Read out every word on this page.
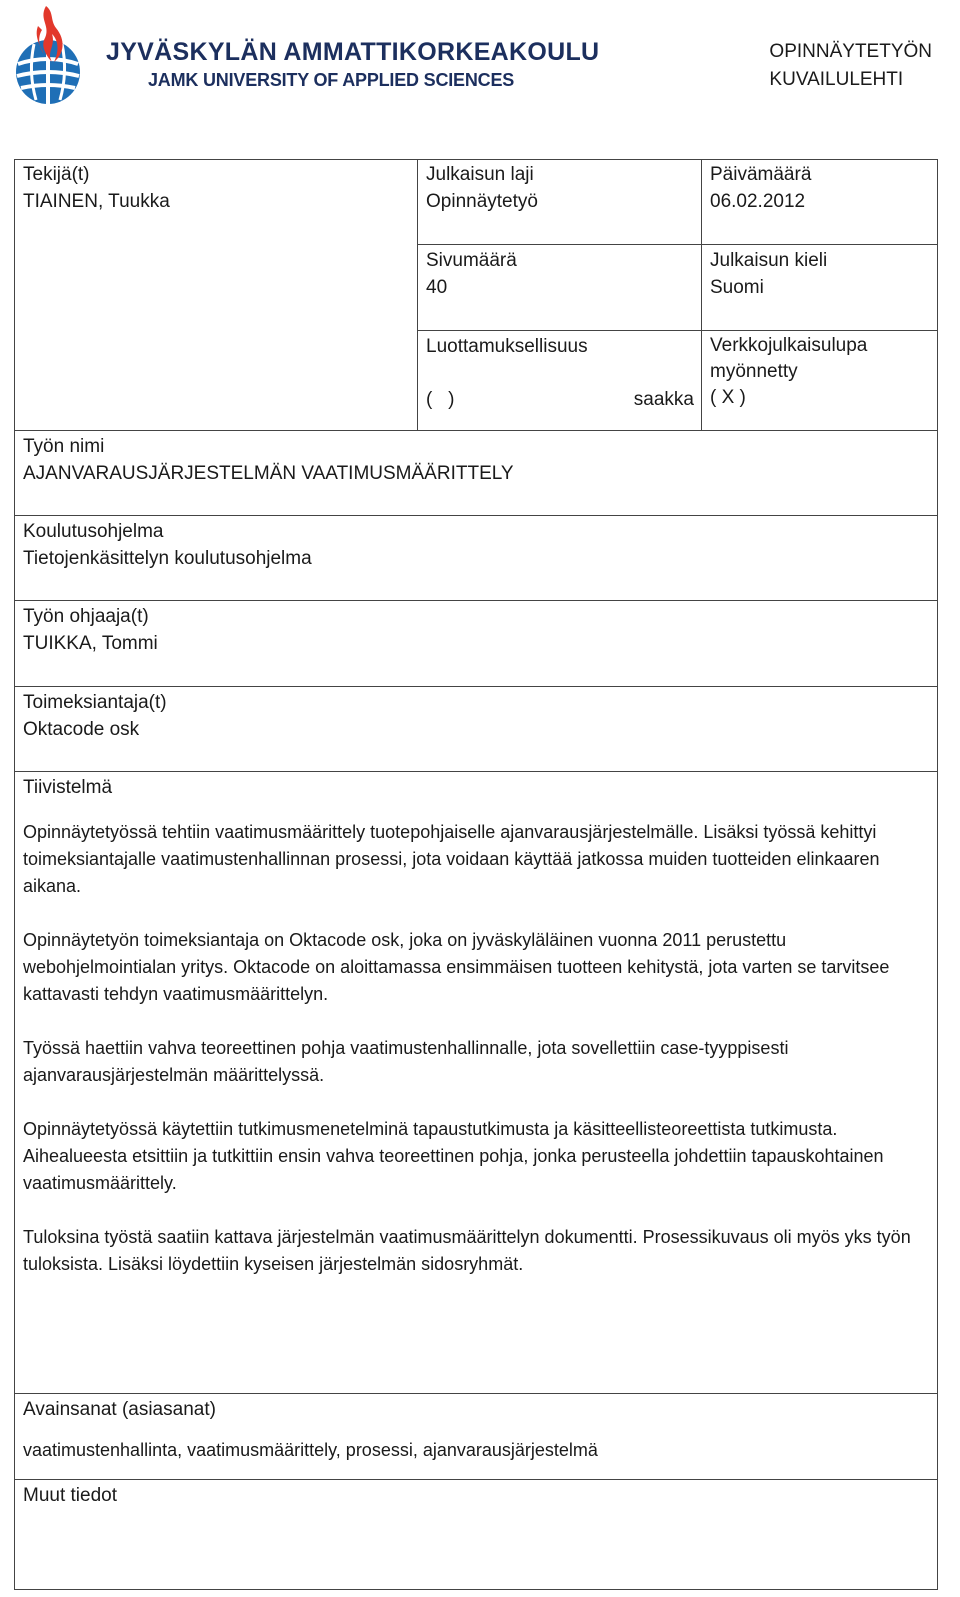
JYVÄSKYLÄN AMMATTIKORKEAKOULU
JAMK UNIVERSITY OF APPLIED SCIENCES
OPINNÄYTETYÖN
KUVAILULEHTI
Tekijä(t)
TIAINEN, Tuukka
Julkaisun laji
Opinnäytetyö
Päivämäärä
06.02.2012
Sivumäärä
40
Julkaisun kieli
Suomi
Luottamuksellisuus
(   )	saakka
Verkkojulkaisulupa myönnetty
( X )
Työn nimi
AJANVARAUSJÄRJESTELMÄN VAATIMUSMÄÄRITTELY
Koulutusohjelma
Tietojenkäsittelyn koulutusohjelma
Työn ohjaaja(t)
TUIKKA, Tommi
Toimeksiantaja(t)
Oktacode osk
Tiivistelmä

Opinnäytetyössä tehtiin vaatimusmäärittely tuotepohjaiselle ajanvarausjärjestelmälle. Lisäksi työssä kehittyi toimeksiantajalle vaatimustenhallinnan prosessi, jota voidaan käyttää jatkossa muiden tuotteiden elinkaaren aikana.

Opinnäytetyön toimeksiantaja on Oktacode osk, joka on jyväskyläläinen vuonna 2011 perustettu webohjelmointialan yritys. Oktacode on aloittamassa ensimmäisen tuotteen kehitystä, jota varten se tarvitsee kattavasti tehdyn vaatimusmäärittelyn.

Työssä haettiin vahva teoreettinen pohja vaatimustenhallinnalle, jota sovellettiin case-tyyppisesti ajanvarausjärjestelmän määrittelyssä.

Opinnäytetyössä käytettiin tutkimusmenetelminä tapaustutkimusta ja käsitteellisteoreettista tutkimusta. Aihealueesta etsittiin ja tutkittiin ensin vahva teoreettinen pohja, jonka perusteella johdettiin tapauskohtainen vaatimusmäärittely.

Tuloksina työstä saatiin kattava järjestelmän vaatimusmäärittelyn dokumentti. Prosessikuvaus oli myös yks työn tuloksista. Lisäksi löydettiin kyseisen järjestelmän sidosryhmät.

Avainsanat (asiasanat)
vaatimustenhallinta, vaatimusmäärittely, prosessi, ajanvarausjärjestelmä
Muut tiedot
